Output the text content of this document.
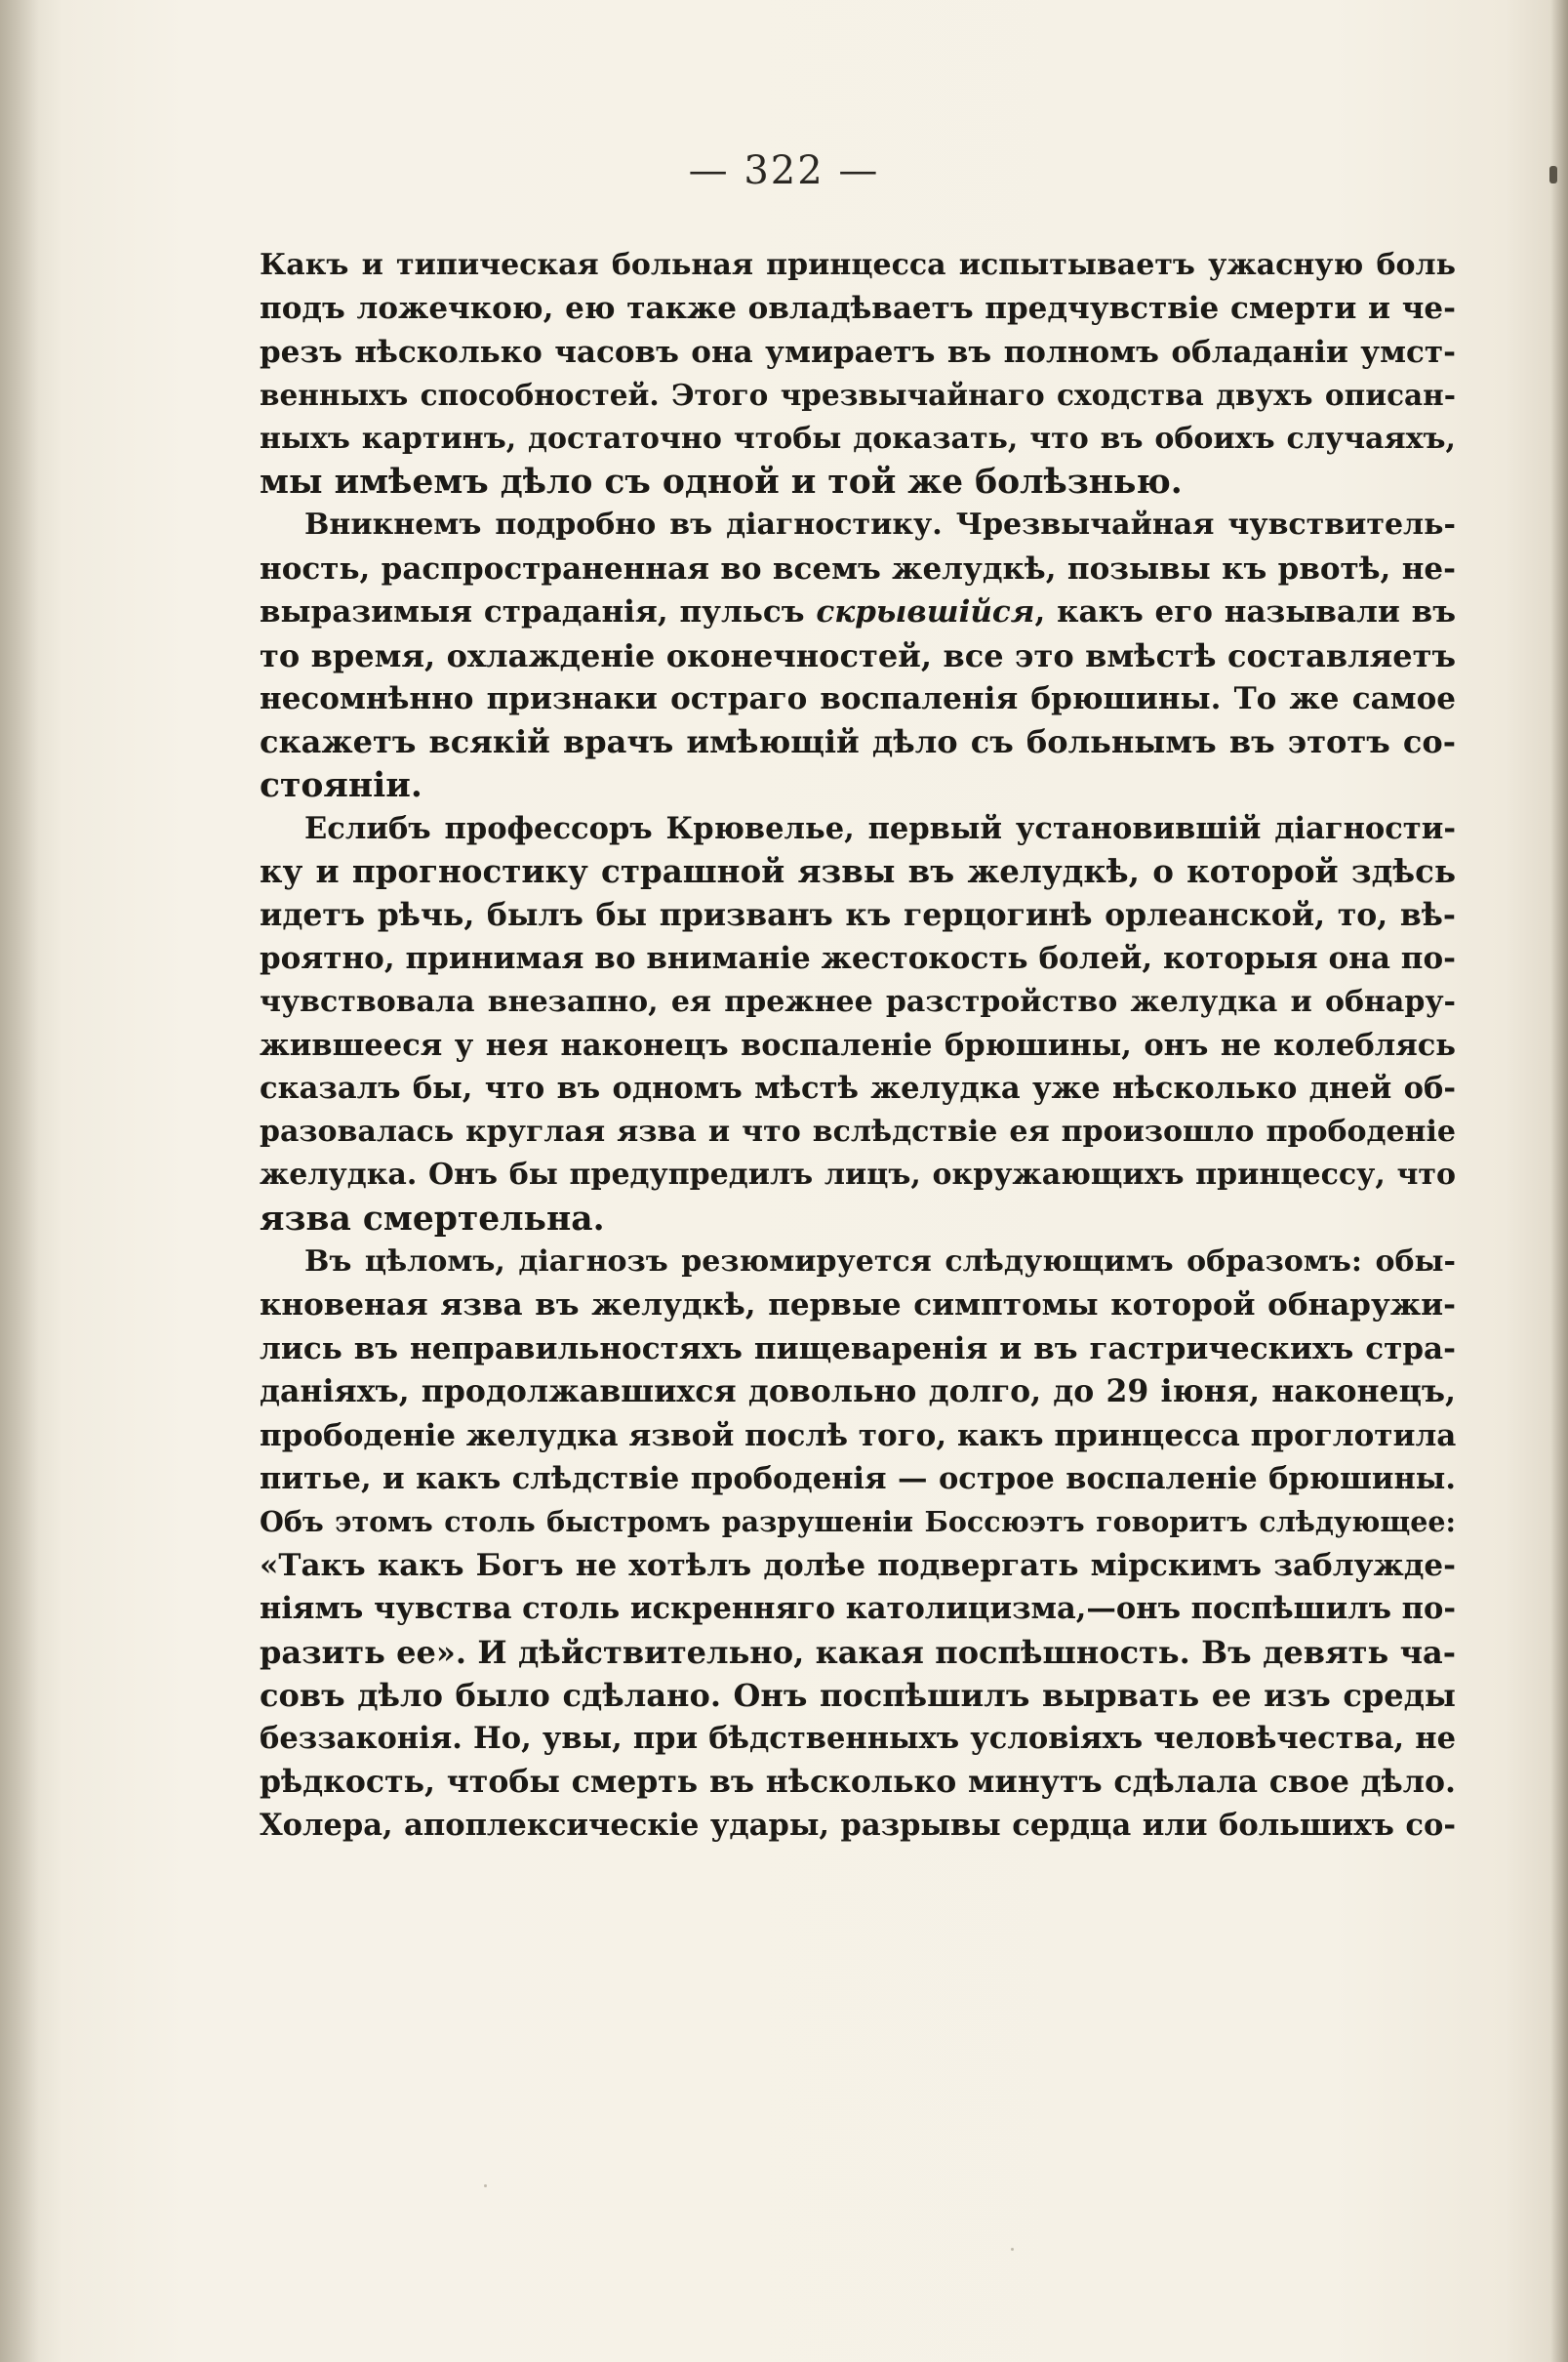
— 322 —
Какъ и типическая больная принцесса испытываетъ ужасную боль
подъ ложечкою, ею также овладѣваетъ предчувствіе смерти и че-
резъ нѣсколько часовъ она умираетъ въ полномъ обладаніи умст-
венныхъ способностей. Этого чрезвычайнаго сходства двухъ описан-
ныхъ картинъ, достаточно чтобы доказать, что въ обоихъ случаяхъ,
мы имѣемъ дѣло съ одной и той же болѣзнью.
Вникнемъ подробно въ діагностику. Чрезвычайная чувствитель-
ность, распространенная во всемъ желудкѣ, позывы къ рвотѣ, не-
выразимыя страданія, пульсъ скрывшійся, какъ его называли въ
то время, охлажденіе оконечностей, все это вмѣстѣ составляетъ
несомнѣнно признаки остраго воспаленія брюшины. То же самое
скажетъ всякій врачъ имѣющій дѣло съ больнымъ въ этотъ со-
стояніи.
Еслибъ профессоръ Крювелье, первый установившій діагности-
ку и прогностику страшной язвы въ желудкѣ, о которой здѣсь
идетъ рѣчь, былъ бы призванъ къ герцогинѣ орлеанской, то, вѣ-
роятно, принимая во вниманіе жестокость болей, которыя она по-
чувствовала внезапно, ея прежнее разстройство желудка и обнару-
жившееся у нея наконецъ воспаленіе брюшины, онъ не колеблясь
сказалъ бы, что въ одномъ мѣстѣ желудка уже нѣсколько дней об-
разовалась круглая язва и что вслѣдствіе ея произошло прободеніе
желудка. Онъ бы предупредилъ лицъ, окружающихъ принцессу, что
язва смертельна.
Въ цѣломъ, діагнозъ резюмируется слѣдующимъ образомъ: обы-
кновеная язва въ желудкѣ, первые симптомы которой обнаружи-
лись въ неправильностяхъ пищеваренія и въ гастрическихъ стра-
даніяхъ, продолжавшихся довольно долго, до 29 іюня, наконецъ,
прободеніе желудка язвой послѣ того, какъ принцесса проглотила
питье, и какъ слѣдствіе прободенія — острое воспаленіе брюшины.
Объ этомъ столь быстромъ разрушеніи Боссюэтъ говоритъ слѣдующее:
«Такъ какъ Богъ не хотѣлъ долѣе подвергать мірскимъ заблужде-
ніямъ чувства столь искренняго католицизма,—онъ поспѣшилъ по-
разить ее». И дѣйствительно, какая поспѣшность. Въ девять ча-
совъ дѣло было сдѣлано. Онъ поспѣшилъ вырвать ее изъ среды
беззаконія. Но, увы, при бѣдственныхъ условіяхъ человѣчества, не
рѣдкость, чтобы смерть въ нѣсколько минутъ сдѣлала свое дѣло.
Холера, апоплексическіе удары, разрывы сердца или большихъ со-
